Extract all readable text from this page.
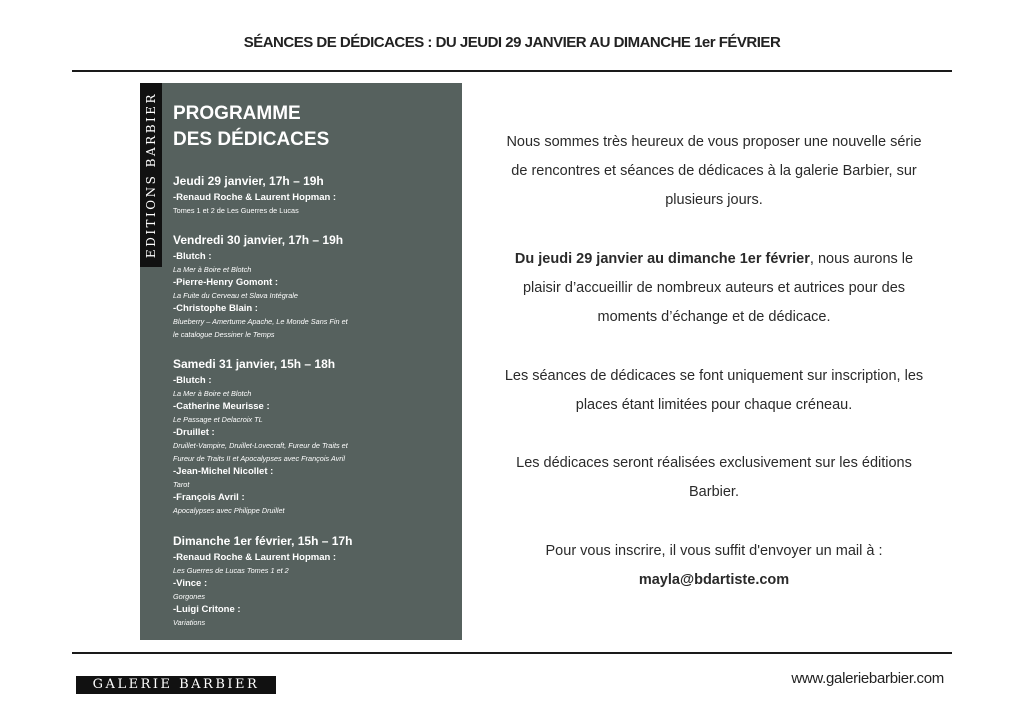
SÉANCES DE DÉDICACES : DU JEUDI 29 JANVIER AU DIMANCHE 1er FÉVRIER
EDITIONS BARBIER PROGRAMME
DES DÉDICACES
Jeudi 29 janvier, 17h – 19h
-Renaud Roche & Laurent Hopman :
Tomes 1 et 2 de Les Guerres de Lucas
Vendredi 30 janvier, 17h – 19h
-Blutch :
La Mer à Boire et Blotch
-Pierre-Henry Gomont :
La Fuite du Cerveau et Slava Intégrale
-Christophe Blain :
Blueberry – Amertume Apache, Le Monde Sans Fin et
le catalogue Dessiner le Temps
Samedi 31 janvier, 15h – 18h
-Blutch :
La Mer à Boire et Blotch
-Catherine Meurisse :
Le Passage et Delacroix TL
-Druillet :
Druillet-Vampire, Druillet-Lovecraft, Fureur de Traits et
Fureur de Traits II et Apocalypses avec François Avril
-Jean-Michel Nicollet :
Tarot
-François Avril :
Apocalypses avec Philippe Druillet
Dimanche 1er février, 15h – 17h
-Renaud Roche & Laurent Hopman :
Les Guerres de Lucas Tomes 1 et 2
-Vince :
Gorgones
-Luigi Critone :
Variations
Nous sommes très heureux de vous proposer une nouvelle série de rencontres et séances de dédicaces à la galerie Barbier, sur plusieurs jours.
Du jeudi 29 janvier au dimanche 1er février, nous aurons le plaisir d’accueillir de nombreux auteurs et autrices pour des moments d’échange et de dédicace.
Les séances de dédicaces se font uniquement sur inscription, les places étant limitées pour chaque créneau.
Les dédicaces seront réalisées exclusivement sur les éditions Barbier.
Pour vous inscrire, il vous suffit d'envoyer un mail à :
mayla@bdartiste.com
GALERIE BARBIER	www.galeriebarbier.com
